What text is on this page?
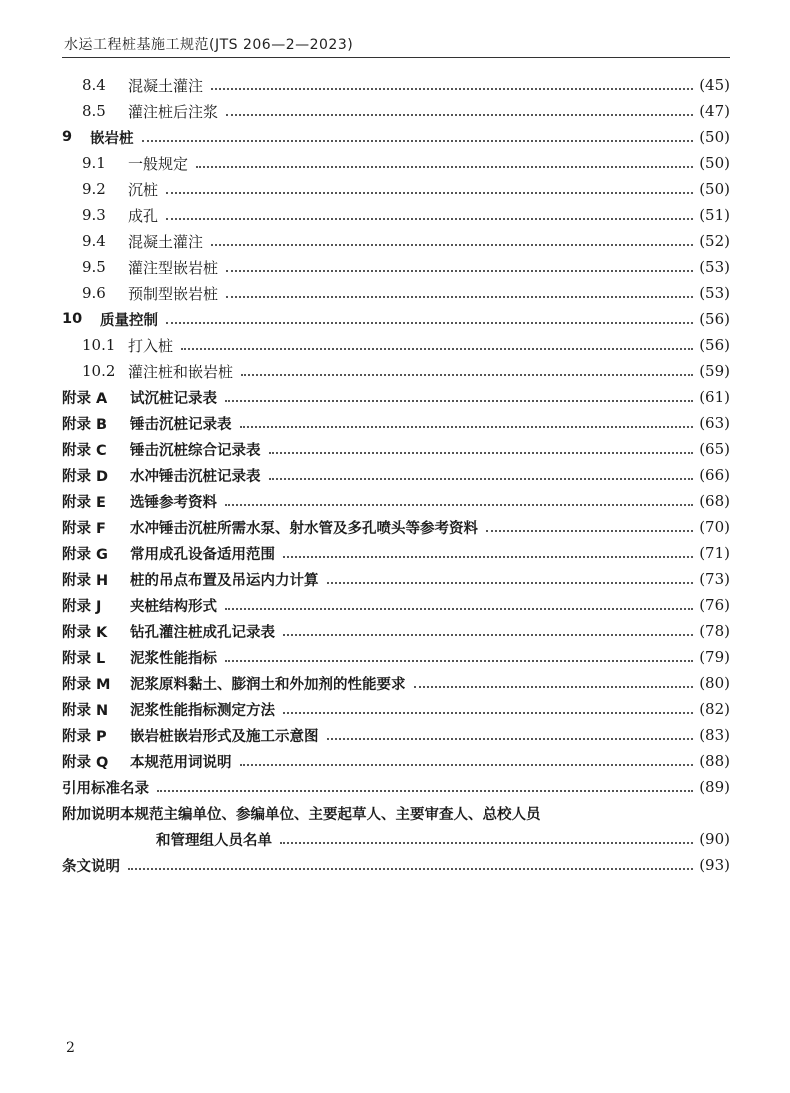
水运工程桩基施工规范(JTS 206—2—2023)
8.4	混凝土灌注	(45)
8.5	灌注桩后注浆	(47)
9	嵌岩桩	(50)
9.1	一般规定	(50)
9.2	沉桩	(50)
9.3	成孔	(51)
9.4	混凝土灌注	(52)
9.5	灌注型嵌岩桩	(53)
9.6	预制型嵌岩桩	(53)
10	质量控制	(56)
10.1 打入桩	(56)
10.2 灌注桩和嵌岩桩	(59)
附录 A	试沉桩记录表	(61)
附录 B	锤击沉桩记录表	(63)
附录 C	锤击沉桩综合记录表	(65)
附录 D	水冲锤击沉桩记录表	(66)
附录 E	选锤参考资料	(68)
附录 F	水冲锤击沉桩所需水泵、射水管及多孔喷头等参考资料	(70)
附录 G	常用成孔设备适用范围	(71)
附录 H	桩的吊点布置及吊运内力计算	(73)
附录 J	夹桩结构形式	(76)
附录 K	钻孔灌注桩成孔记录表	(78)
附录 L	泥浆性能指标	(79)
附录 M	泥浆原料黏土、膨润土和外加剂的性能要求	(80)
附录 N	泥浆性能指标测定方法	(82)
附录 P	嵌岩桩嵌岩形式及施工示意图	(83)
附录 Q	本规范用词说明	(88)
引用标准名录	(89)
附加说明 本规范主编单位、参编单位、主要起草人、主要审查人、总校人员
和管理组人员名单	(90)
条文说明	(93)
2
